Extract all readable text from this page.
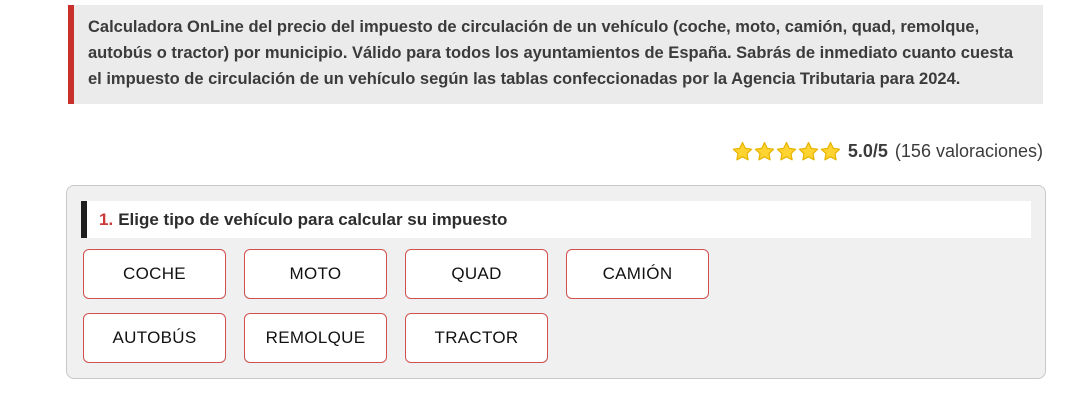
Calculadora OnLine del precio del impuesto de circulación de un vehículo (coche, moto, camión, quad, remolque, autobús o tractor) por municipio. Válido para todos los ayuntamientos de España. Sabrás de inmediato cuanto cuesta el impuesto de circulación de un vehículo según las tablas confeccionadas por la Agencia Tributaria para 2024.

5.0/5 (156 valoraciones)
1. Elige tipo de vehículo para calcular su impuesto
COCHE	MOTO	QUAD	CAMIÓN
AUTOBÚS	REMOLQUE	TRACTOR
